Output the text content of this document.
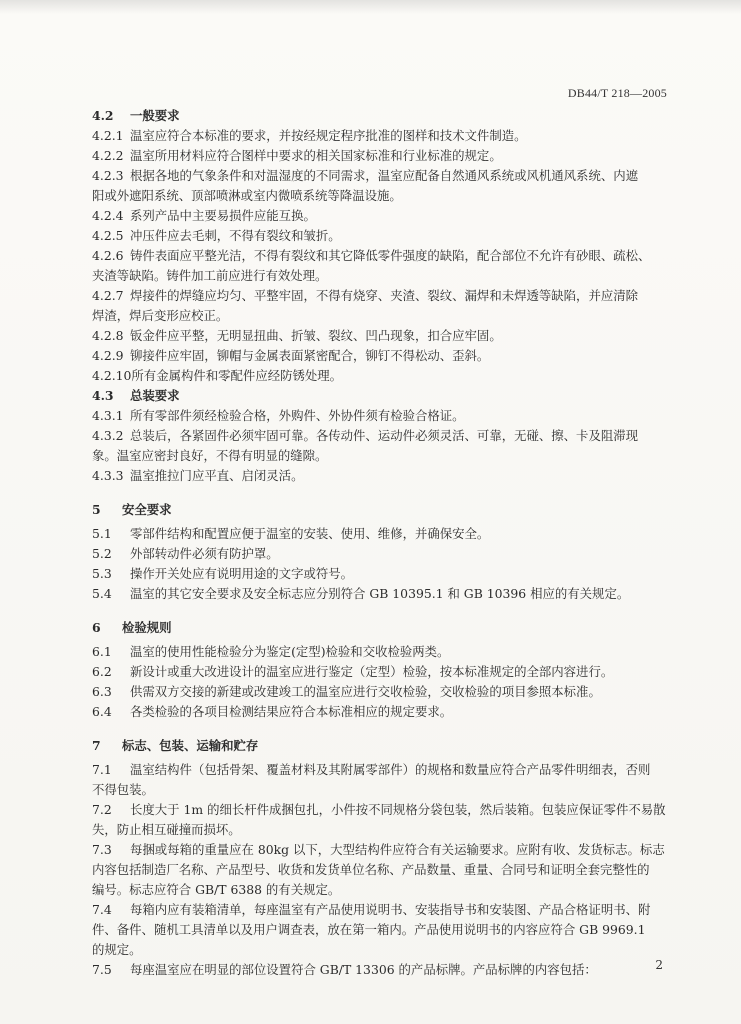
DB44/T 218—2005
4.2 一般要求
4.2.1 温室应符合本标准的要求，并按经规定程序批准的图样和技术文件制造。
4.2.2 温室所用材料应符合图样中要求的相关国家标准和行业标准的规定。
4.2.3 根据各地的气象条件和对温湿度的不同需求，温室应配备自然通风系统或风机通风系统、内遮
阳或外遮阳系统、顶部喷淋或室内微喷系统等降温设施。
4.2.4 系列产品中主要易损件应能互换。
4.2.5 冲压件应去毛刺，不得有裂纹和皱折。
4.2.6 铸件表面应平整光洁，不得有裂纹和其它降低零件强度的缺陷，配合部位不允许有砂眼、疏松、
夹渣等缺陷。铸件加工前应进行有效处理。
4.2.7 焊接件的焊缝应均匀、平整牢固，不得有烧穿、夹渣、裂纹、漏焊和未焊透等缺陷，并应清除
焊渣，焊后变形应校正。
4.2.8 钣金件应平整，无明显扭曲、折皱、裂纹、凹凸现象，扣合应牢固。
4.2.9 铆接件应牢固，铆帽与金属表面紧密配合，铆钉不得松动、歪斜。
4.2.10所有金属构件和零配件应经防锈处理。
4.3 总装要求
4.3.1 所有零部件须经检验合格，外购件、外协件须有检验合格证。
4.3.2 总装后，各紧固件必须牢固可靠。各传动件、运动件必须灵活、可靠，无碰、擦、卡及阻滞现
象。温室应密封良好，不得有明显的缝隙。
4.3.3 温室推拉门应平直、启闭灵活。
5 安全要求
5.1 零部件结构和配置应便于温室的安装、使用、维修，并确保安全。
5.2 外部转动件必须有防护罩。
5.3 操作开关处应有说明用途的文字或符号。
5.4 温室的其它安全要求及安全标志应分别符合 GB 10395.1 和 GB 10396 相应的有关规定。
6 检验规则
6.1 温室的使用性能检验分为鉴定(定型)检验和交收检验两类。
6.2 新设计或重大改进设计的温室应进行鉴定（定型）检验，按本标准规定的全部内容进行。
6.3 供需双方交接的新建或改建竣工的温室应进行交收检验，交收检验的项目参照本标准。
6.4 各类检验的各项目检测结果应符合本标准相应的规定要求。
7 标志、包装、运输和贮存
7.1 温室结构件（包括骨架、覆盖材料及其附属零部件）的规格和数量应符合产品零件明细表，否则
不得包装。
7.2 长度大于 1m 的细长杆件成捆包扎，小件按不同规格分袋包装，然后装箱。包装应保证零件不易散
失，防止相互碰撞而损坏。
7.3 每捆或每箱的重量应在 80kg 以下，大型结构件应符合有关运输要求。应附有收、发货标志。标志
内容包括制造厂名称、产品型号、收货和发货单位名称、产品数量、重量、合同号和证明全套完整性的
编号。标志应符合 GB/T 6388 的有关规定。
7.4 每箱内应有装箱清单，每座温室有产品使用说明书、安装指导书和安装图、产品合格证明书、附
件、备件、随机工具清单以及用户调查表，放在第一箱内。产品使用说明书的内容应符合 GB 9969.1
的规定。
7.5 每座温室应在明显的部位设置符合 GB/T 13306 的产品标牌。产品标牌的内容包括：	2
